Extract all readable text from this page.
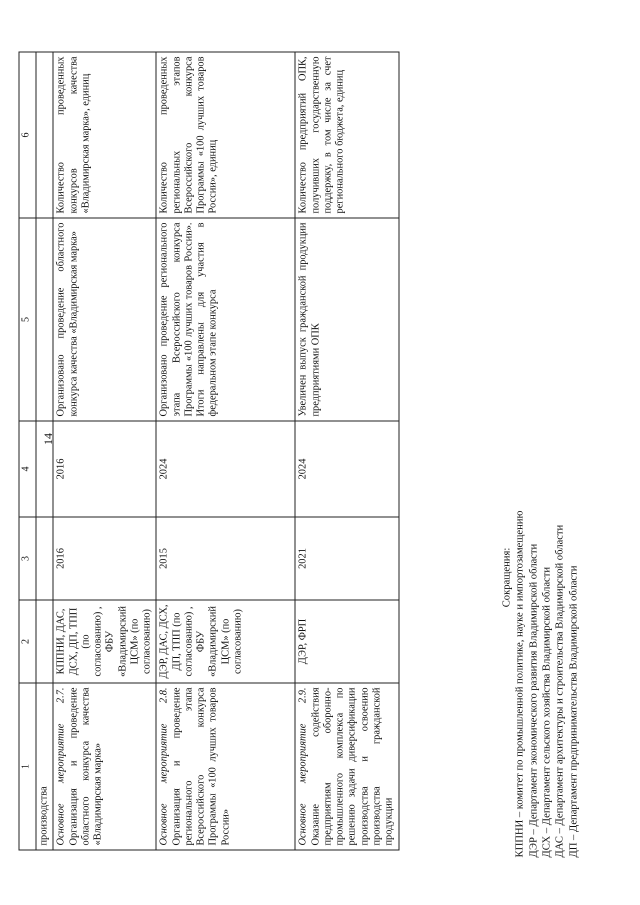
14
1	2	3	4	5	6
производства					
Основное мероприятие 2.7. Организация и проведение областного конкурса качества «Владимирская марка»	КППНИ, ДАС, ДСХ, ДП, ТПП (по согласованию) , ФБУ «Владимирский ЦСМ» (по согласованию)	2016	2016	Организовано проведение областного конкурса качества «Владимирская марка»	Количество проведенных конкурсов качества «Владимирская марка», единиц
Основное мероприятие 2.8. Организация и проведение регионального этапа Всероссийского конкурса Программы «100 лучших товаров России»	ДЭР, ДАС, ДСХ, ДП, ТПП (по согласованию) , ФБУ «Владимирский ЦСМ» (по согласованию)	2015	2024	Организовано проведение регионального этапа Всероссийского конкурса Программы «100 лучших товаров России». Итоги направлены для участия в федеральном этапе конкурса	Количество проведенных региональных этапов Всероссийского конкурса Программы «100 лучших товаров России», единиц
Основное мероприятие 2.9. Оказание содействия предприятиям оборонно-промышленного комплекса по решению задачи диверсификации производства и освоению производства гражданской продукции	ДЭР, ФРП	2021	2024	Увеличен выпуск гражданской продукции предприятиями ОПК	Количество предприятий ОПК, получивших государственную поддержку, в том числе за счет регионального бюджета, единиц
Сокращения: КППНИ – комитет по промышленной политике, науке и импортозамещению ДЭР – Департамент экономического развития Владимирской области ДСХ – Департамент сельского хозяйства Владимирской области ДАС – Департамент архитектуры и строительства Владимирской области ДП – Департамент предпринимательства Владимирской области
